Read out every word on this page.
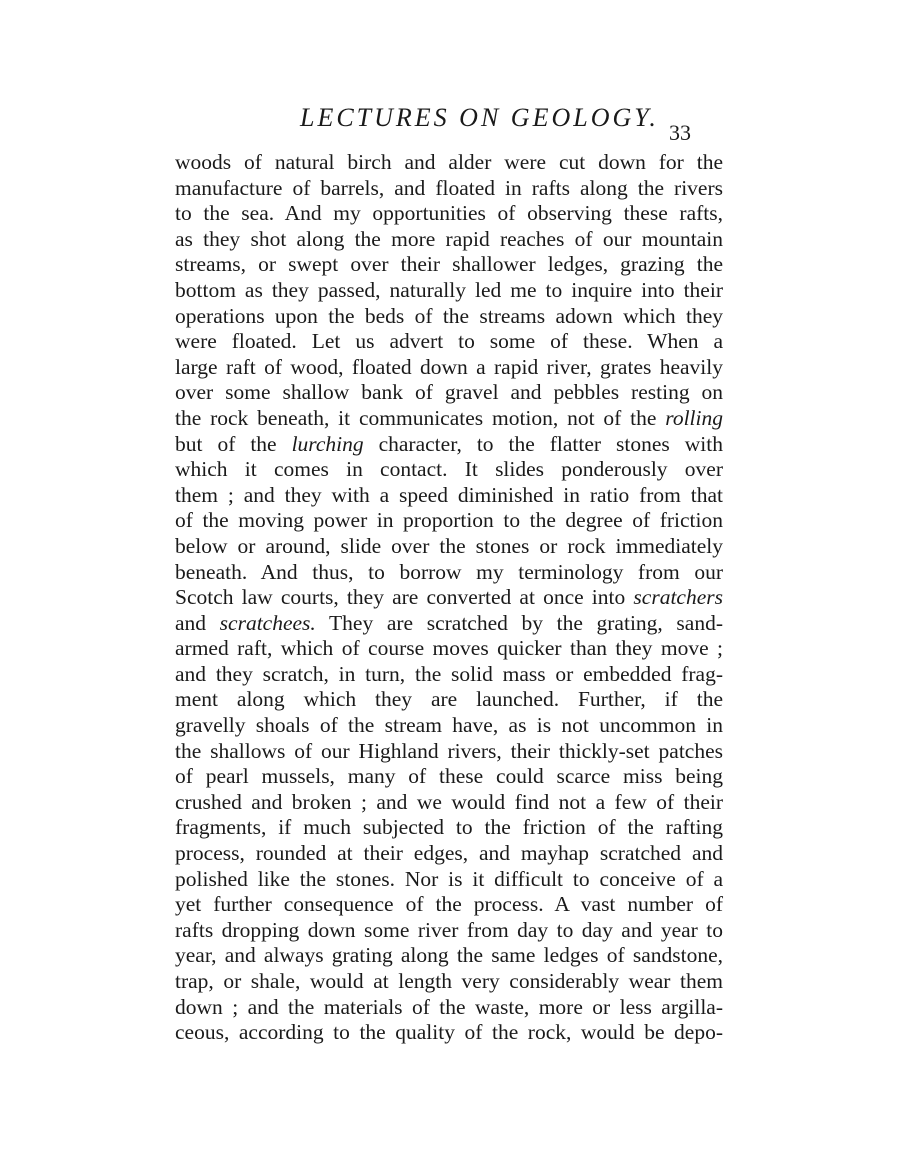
LECTURES ON GEOLOGY.
33
woods of natural birch and alder were cut down for the
manufacture of barrels, and floated in rafts along the rivers
to the sea. And my opportunities of observing these rafts,
as they shot along the more rapid reaches of our mountain
streams, or swept over their shallower ledges, grazing the
bottom as they passed, naturally led me to inquire into their
operations upon the beds of the streams adown which they
were floated. Let us advert to some of these. When a
large raft of wood, floated down a rapid river, grates heavily
over some shallow bank of gravel and pebbles resting on
the rock beneath, it communicates motion, not of the rolling
but of the lurching character, to the flatter stones with
which it comes in contact. It slides ponderously over
them ; and they with a speed diminished in ratio from that
of the moving power in proportion to the degree of friction
below or around, slide over the stones or rock immediately
beneath. And thus, to borrow my terminology from our
Scotch law courts, they are converted at once into scratchers
and scratchees. They are scratched by the grating, sand-
armed raft, which of course moves quicker than they move ;
and they scratch, in turn, the solid mass or embedded frag-
ment along which they are launched. Further, if the
gravelly shoals of the stream have, as is not uncommon in
the shallows of our Highland rivers, their thickly-set patches
of pearl mussels, many of these could scarce miss being
crushed and broken ; and we would find not a few of their
fragments, if much subjected to the friction of the rafting
process, rounded at their edges, and mayhap scratched and
polished like the stones. Nor is it difficult to conceive of a
yet further consequence of the process. A vast number of
rafts dropping down some river from day to day and year to
year, and always grating along the same ledges of sandstone,
trap, or shale, would at length very considerably wear them
down ; and the materials of the waste, more or less argilla-
ceous, according to the quality of the rock, would be depo-
